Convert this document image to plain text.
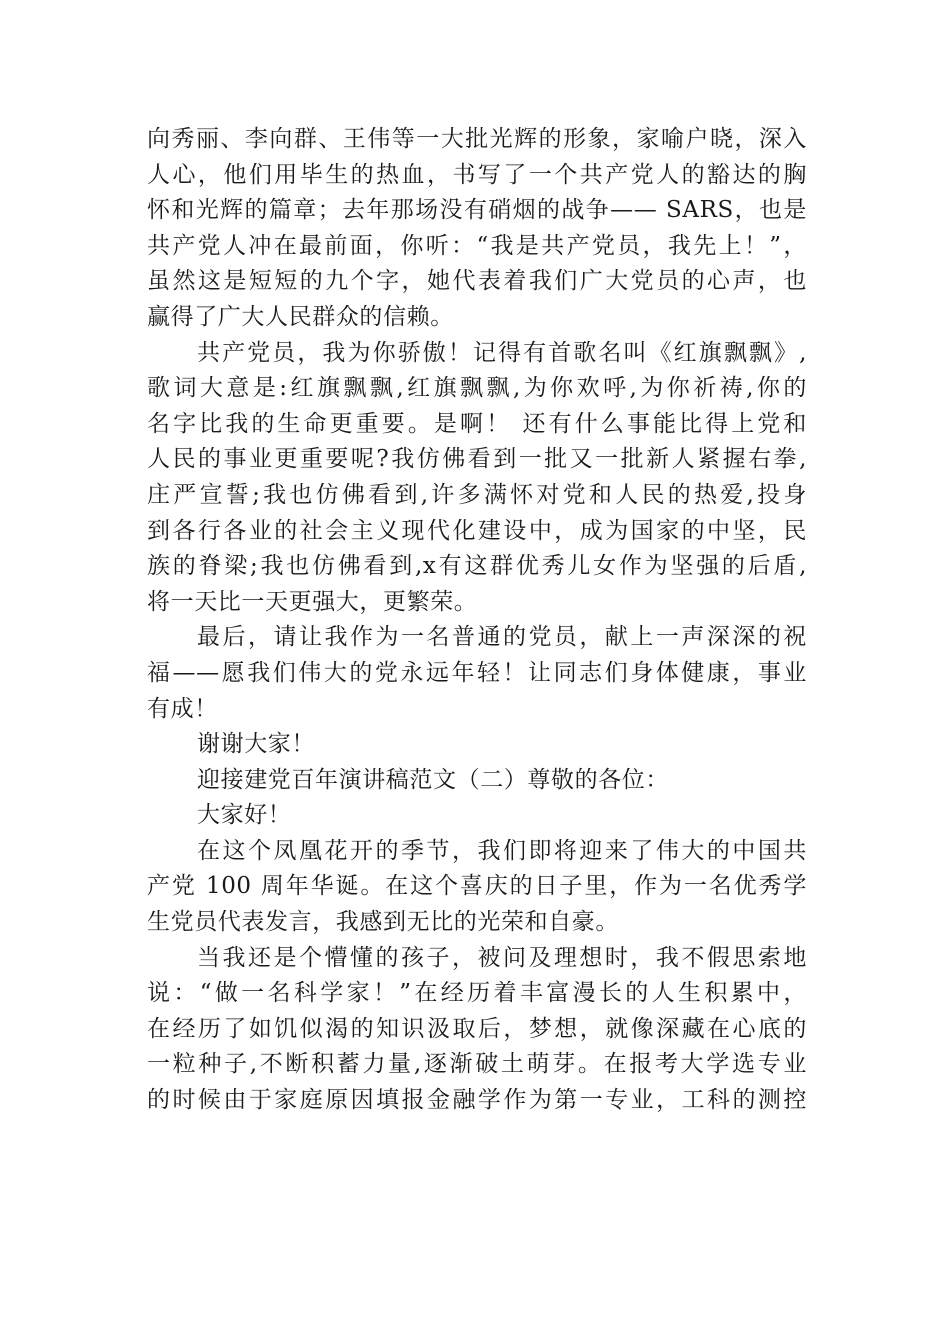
向秀丽、李向群、王伟等一大批光辉的形象，家喻户晓，深入
人心，他们用毕生的热血，书写了一个共产党人的豁达的胸
怀和光辉的篇章；去年那场没有硝烟的战争—— SARS，也是
共产党人冲在最前面，你听：“我是共产党员，我先上！”，
虽然这是短短的九个字，她代表着我们广大党员的心声，也
赢得了广大人民群众的信赖。
共产党员，我为你骄傲！记得有首歌名叫《红旗飘飘》,
歌词大意是:红旗飘飘,红旗飘飘,为你欢呼,为你祈祷,你的
名字比我的生命更重要。是啊！ 还有什么事能比得上党和
人民的事业更重要呢?我仿佛看到一批又一批新人紧握右拳,
庄严宣誓;我也仿佛看到,许多满怀对党和人民的热爱,投身
到各行各业的社会主义现代化建设中，成为国家的中坚，民
族的脊梁;我也仿佛看到,x有这群优秀儿女作为坚强的后盾,
将一天比一天更强大，更繁荣。
最后，请让我作为一名普通的党员，献上一声深深的祝
福——愿我们伟大的党永远年轻！让同志们身体健康，事业
有成！
谢谢大家！
迎接建党百年演讲稿范文（二）尊敬的各位：
大家好！
在这个凤凰花开的季节，我们即将迎来了伟大的中国共
产党 100 周年华诞。在这个喜庆的日子里，作为一名优秀学
生党员代表发言，我感到无比的光荣和自豪。
当我还是个懵懂的孩子，被问及理想时，我不假思索地
说：“做一名科学家！”在经历着丰富漫长的人生积累中，
在经历了如饥似渴的知识汲取后，梦想，就像深藏在心底的
一粒种子,不断积蓄力量,逐渐破土萌芽。在报考大学选专业
的时候由于家庭原因填报金融学作为第一专业，工科的测控
